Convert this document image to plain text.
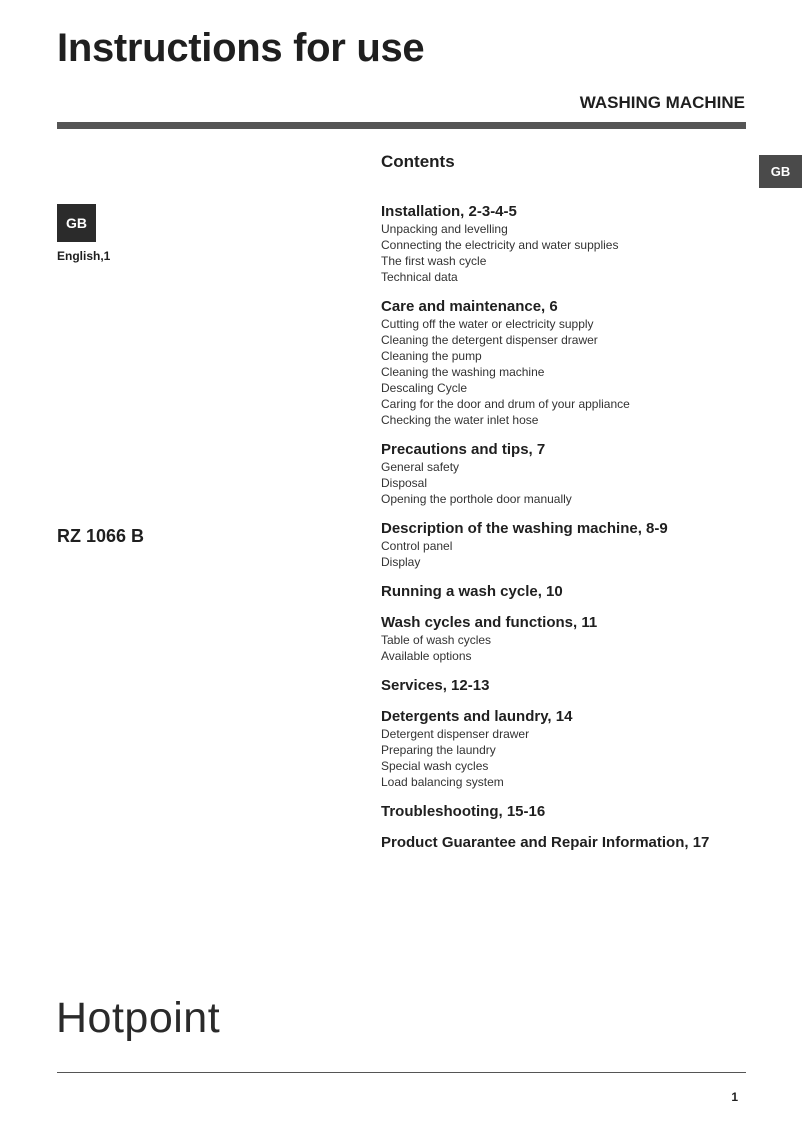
Instructions for use
WASHING MACHINE
GB
GB
English,1
RZ 1066 B
Contents
Installation, 2-3-4-5
Unpacking and levelling
Connecting the electricity and water supplies
The first wash cycle
Technical data
Care and maintenance, 6
Cutting off the water or electricity supply
Cleaning the detergent dispenser drawer
Cleaning the pump
Cleaning the washing machine
Descaling Cycle
Caring for the door and drum of your appliance
Checking the water inlet hose
Precautions and tips, 7
General safety
Disposal
Opening the porthole door manually
Description of the washing machine, 8-9
Control panel
Display
Running a wash cycle, 10
Wash cycles and functions, 11
Table of wash cycles
Available options
Services, 12-13
Detergents and laundry, 14
Detergent dispenser drawer
Preparing the laundry
Special wash cycles
Load balancing system
Troubleshooting, 15-16
Product Guarantee and Repair Information, 17
Hotpoint
1
